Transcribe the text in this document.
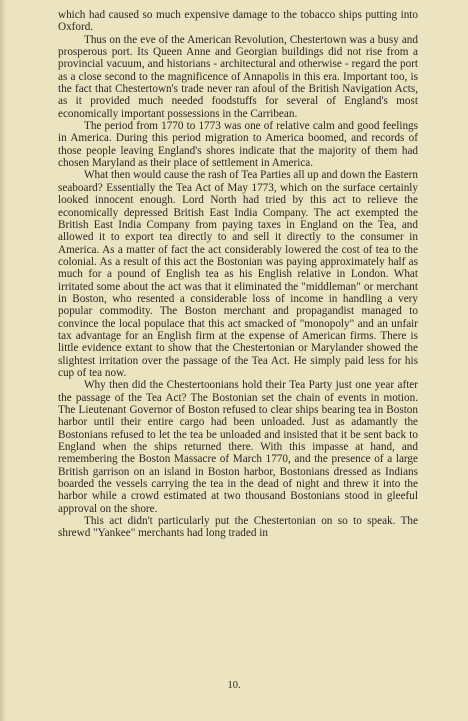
which had caused so much expensive damage to the tobacco ships putting into Oxford.

Thus on the eve of the American Revolution, Chestertown was a busy and prosperous port. Its Queen Anne and Georgian buildings did not rise from a provincial vacuum, and historians - architectural and otherwise - regard the port as a close second to the magnificence of Annapolis in this era. Important too, is the fact that Chestertown's trade never ran afoul of the British Navigation Acts, as it provided much needed foodstuffs for several of England's most economically important possessions in the Carribean.

The period from 1770 to 1773 was one of relative calm and good feelings in America. During this period migration to America boomed, and records of those people leaving England's shores indicate that the majority of them had chosen Maryland as their place of settlement in America.

What then would cause the rash of Tea Parties all up and down the Eastern seaboard? Essentially the Tea Act of May 1773, which on the surface certainly looked innocent enough. Lord North had tried by this act to relieve the economically depressed British East India Company. The act exempted the British East India Company from paying taxes in England on the Tea, and allowed it to export tea directly to and sell it directly to the consumer in America. As a matter of fact the act considerably lowered the cost of tea to the colonial. As a result of this act the Bostonian was paying approximately half as much for a pound of English tea as his English relative in London. What irritated some about the act was that it eliminated the "middleman" or merchant in Boston, who resented a considerable loss of income in handling a very popular commodity. The Boston merchant and propagandist managed to convince the local populace that this act smacked of "monopoly" and an unfair tax advantage for an English firm at the expense of American firms. There is little evidence extant to show that the Chestertonian or Marylander showed the slightest irritation over the passage of the Tea Act. He simply paid less for his cup of tea now.

Why then did the Chestertoonians hold their Tea Party just one year after the passage of the Tea Act? The Bostonian set the chain of events in motion. The Lieutenant Governor of Boston refused to clear ships bearing tea in Boston harbor until their entire cargo had been unloaded. Just as adamantly the Bostonians refused to let the tea be unloaded and insisted that it be sent back to England when the ships returned there. With this impasse at hand, and remembering the Boston Massacre of March 1770, and the presence of a large British garrison on an island in Boston harbor, Bostonians dressed as Indians boarded the vessels carrying the tea in the dead of night and threw it into the harbor while a crowd estimated at two thousand Bostonians stood in gleeful approval on the shore.

This act didn't particularly put the Chestertonian on so to speak. The shrewd "Yankee" merchants had long traded in

10.
